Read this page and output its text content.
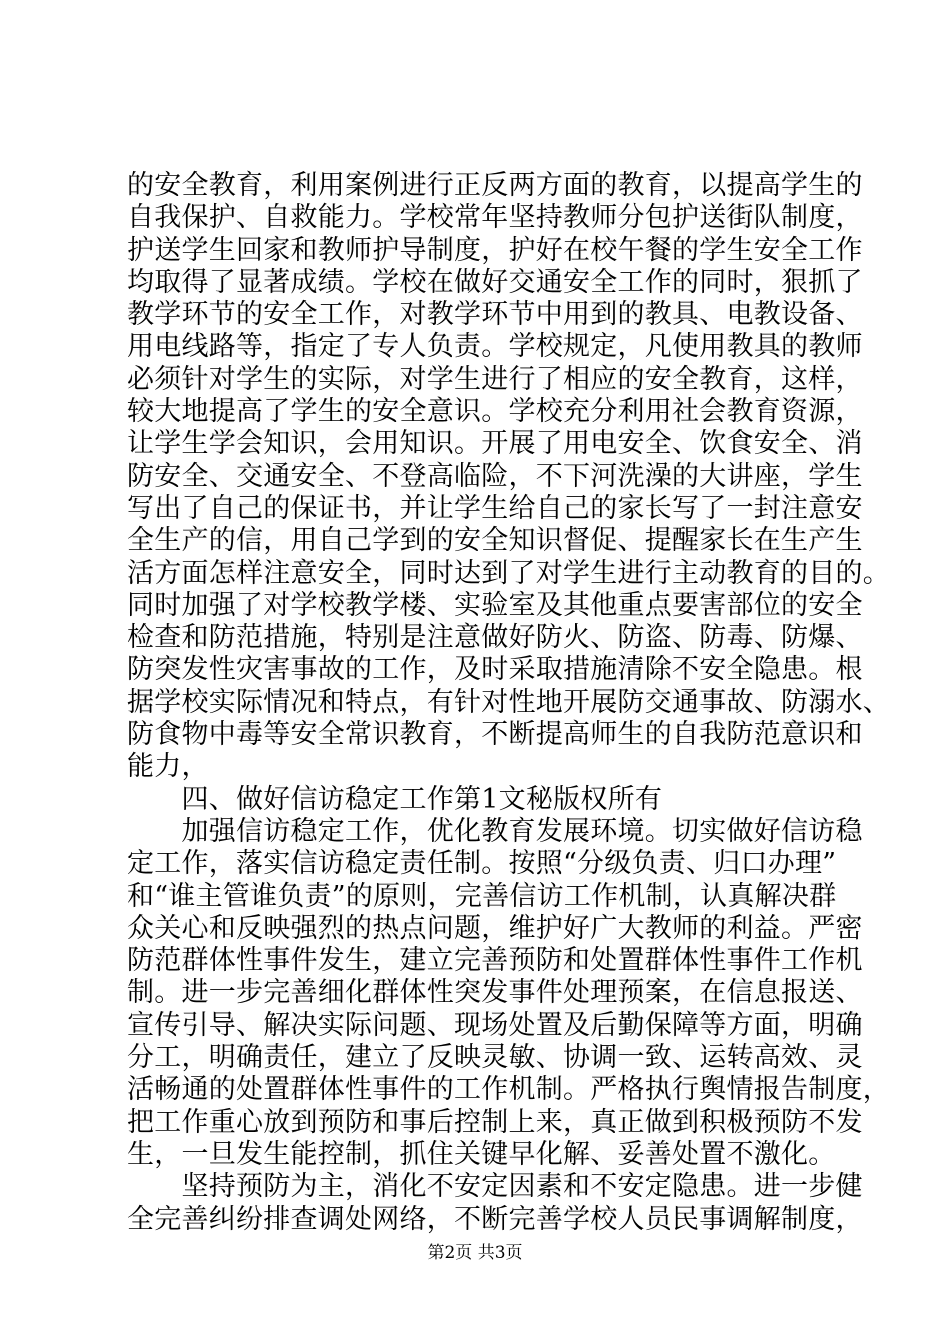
的安全教育，利用案例进行正反两方面的教育，以提高学生的
自我保护、自救能力。学校常年坚持教师分包护送街队制度，
护送学生回家和教师护导制度，护好在校午餐的学生安全工作
均取得了显著成绩。学校在做好交通安全工作的同时，狠抓了
教学环节的安全工作，对教学环节中用到的教具、电教设备、
用电线路等，指定了专人负责。学校规定，凡使用教具的教师
必须针对学生的实际，对学生进行了相应的安全教育，这样，
较大地提高了学生的安全意识。学校充分利用社会教育资源，
让学生学会知识，会用知识。开展了用电安全、饮食安全、消
防安全、交通安全、不登高临险，不下河洗澡的大讲座，学生
写出了自己的保证书，并让学生给自己的家长写了一封注意安
全生产的信，用自己学到的安全知识督促、提醒家长在生产生
活方面怎样注意安全，同时达到了对学生进行主动教育的目的。
同时加强了对学校教学楼、实验室及其他重点要害部位的安全
检查和防范措施，特别是注意做好防火、防盗、防毒、防爆、
防突发性灾害事故的工作，及时采取措施清除不安全隐患。根
据学校实际情况和特点，有针对性地开展防交通事故、防溺水、
防食物中毒等安全常识教育，不断提高师生的自我防范意识和
能力，
　　四、做好信访稳定工作第1文秘版权所有
　　加强信访稳定工作，优化教育发展环境。切实做好信访稳
定工作，落实信访稳定责任制。按照“分级负责、归口办理”
和“谁主管谁负责”的原则，完善信访工作机制，认真解决群
众关心和反映强烈的热点问题，维护好广大教师的利益。严密
防范群体性事件发生，建立完善预防和处置群体性事件工作机
制。进一步完善细化群体性突发事件处理预案，在信息报送、
宣传引导、解决实际问题、现场处置及后勤保障等方面，明确
分工，明确责任，建立了反映灵敏、协调一致、运转高效、灵
活畅通的处置群体性事件的工作机制。严格执行舆情报告制度，
把工作重心放到预防和事后控制上来，真正做到积极预防不发
生，一旦发生能控制，抓住关键早化解、妥善处置不激化。
　　坚持预防为主，消化不安定因素和不安定隐患。进一步健
全完善纠纷排查调处网络，不断完善学校人员民事调解制度，
第2页 共3页
